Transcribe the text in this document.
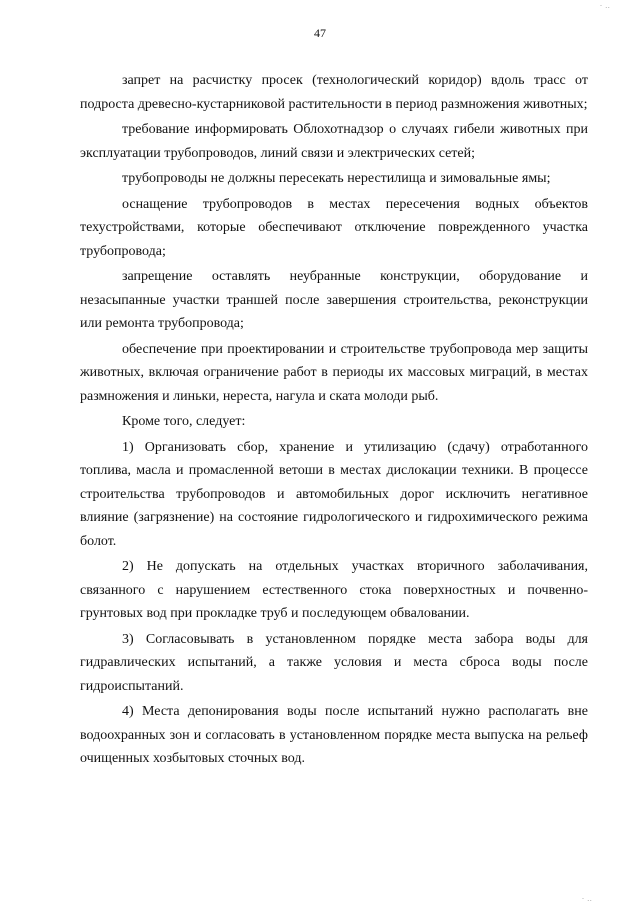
· ..
47

запрет на расчистку просек (технологический коридор) вдоль трасс от подроста древесно-кустарниковой растительности в период размножения животных;

требование информировать Облохотнадзор о случаях гибели животных при эксплуатации трубопроводов, линий связи и электрических сетей;

трубопроводы не должны пересекать нерестилища и зимовальные ямы;

оснащение трубопроводов в местах пересечения водных объектов техустройствами, которые обеспечивают отключение поврежденного участка трубопровода;

запрещение оставлять неубранные конструкции, оборудование и незасыпанные участки траншей после завершения строительства, реконструкции или ремонта трубопровода;

обеспечение при проектировании и строительстве трубопровода мер защиты животных, включая ограничение работ в периоды их массовых миграций, в местах размножения и линьки, нереста, нагула и ската молоди рыб.

Кроме того, следует:

1) Организовать сбор, хранение и утилизацию (сдачу) отработанного топлива, масла и промасленной ветоши в местах дислокации техники. В процессе строительства трубопроводов и автомобильных дорог исключить негативное влияние (загрязнение) на состояние гидрологического и гидрохимического режима болот.

2) Не допускать на отдельных участках вторичного заболачивания, связанного с нарушением естественного стока поверхностных и почвенно-грунтовых вод при прокладке труб и последующем обваловании.

3) Согласовывать в установленном порядке места забора воды для гидравлических испытаний, а также условия и места сброса воды после гидроиспытаний.

4) Места депонирования воды после испытаний нужно располагать вне водоохранных зон и согласовать в установленном порядке места выпуска на рельеф очищенных хозбытовых сточных вод.

· ..
